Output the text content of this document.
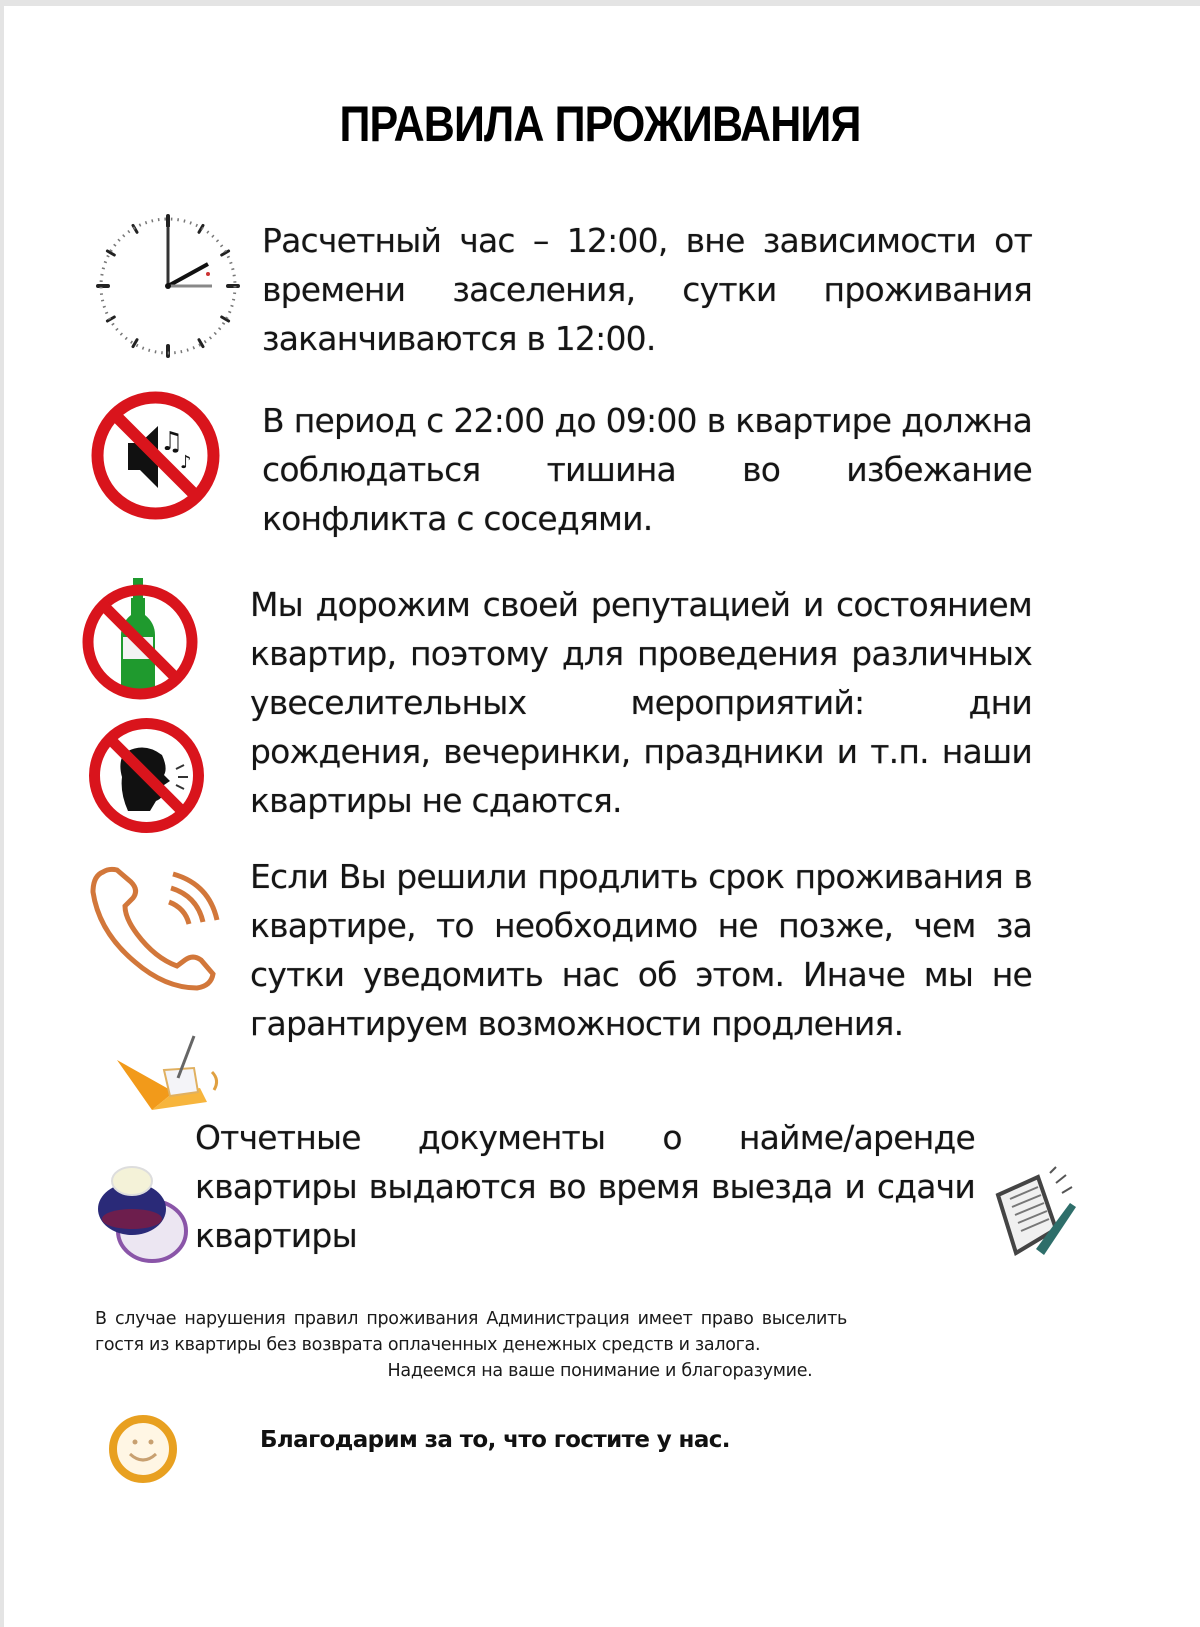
ПРАВИЛА ПРОЖИВАНИЯ
Расчетный час – 12:00, вне зависимости от времени заселения, сутки проживания заканчиваются в 12:00.
♫
♪
В период с 22:00 до 09:00 в квартире должна соблюдаться тишина во избежание конфликта с соседями.
Мы дорожим своей репутацией и состоянием квартир, поэтому для проведения различных увеселительных мероприятий: дни рождения, вечеринки, праздники и т.п. наши квартиры не сдаются.
Если Вы решили продлить срок проживания в квартире, то необходимо не позже, чем за сутки уведомить нас об этом. Иначе мы не гарантируем возможности продления.
Отчетные документы о найме/аренде квартиры выдаются во время выезда и сдачи квартиры
В случае нарушения правил проживания Администрация имеет право выселить
гостя из квартиры без возврата оплаченных денежных средств и залога.
Надеемся на ваше понимание и благоразумие.
Благодарим за то, что гостите у нас.
